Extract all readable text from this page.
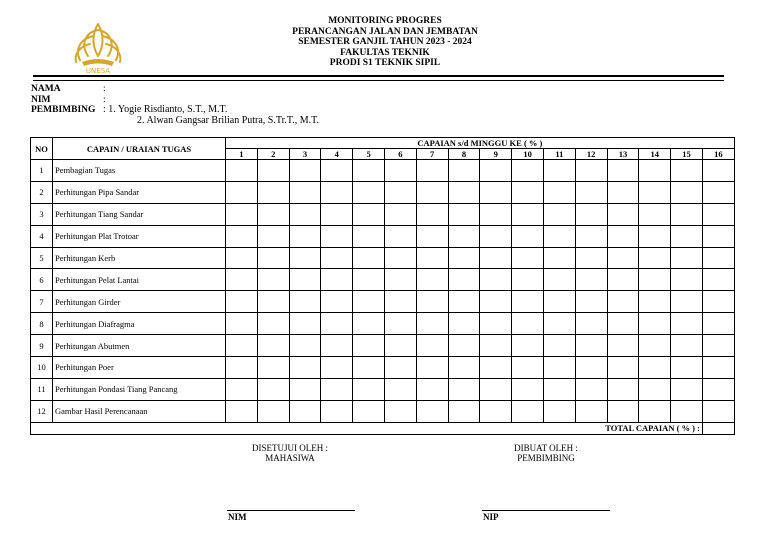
UNESA
MONITORING PROGRES
PERANCANGAN JALAN DAN JEMBATAN
SEMESTER GANJIL TAHUN 2023 - 2024
FAKULTAS TEKNIK
PRODI S1 TEKNIK SIPIL
NAMA	:
NIM	:
PEMBIMBING : 1. Yogie Risdianto, S.T., M.T.
2. Alwan Gangsar Brilian Putra, S.Tr.T., M.T.
NO	CAPAIN / URAIAN TUGAS	CAPAIAN s/d MINGGU KE ( % )															
		1	2	3	4	5	6	7	8	9	10	11	12	13	14	15	16
1	Pembagian Tugas																
2	Perhitungan Pipa Sandar																
3	Perhitungan Tiang Sandar																
4	Perhitungan Plat Trotoar																
5	Perhitungan Kerb																
6	Perhitungan Pelat Lantai																
7	Perhitungan Girder																
8	Perhitungan Diafragma																
9	Perhitungan Abutmen																
10	Perhitungan Poer																
11	Perhitungan Pondasi Tiang Pancang																
12	Gambar Hasil Perencanaan																
TOTAL CAPAIAN ( % ) :																	
DISETUJUI OLEH :
MAHASIWA
DIBUAT OLEH :
PEMBIMBING
NIM	NIP
